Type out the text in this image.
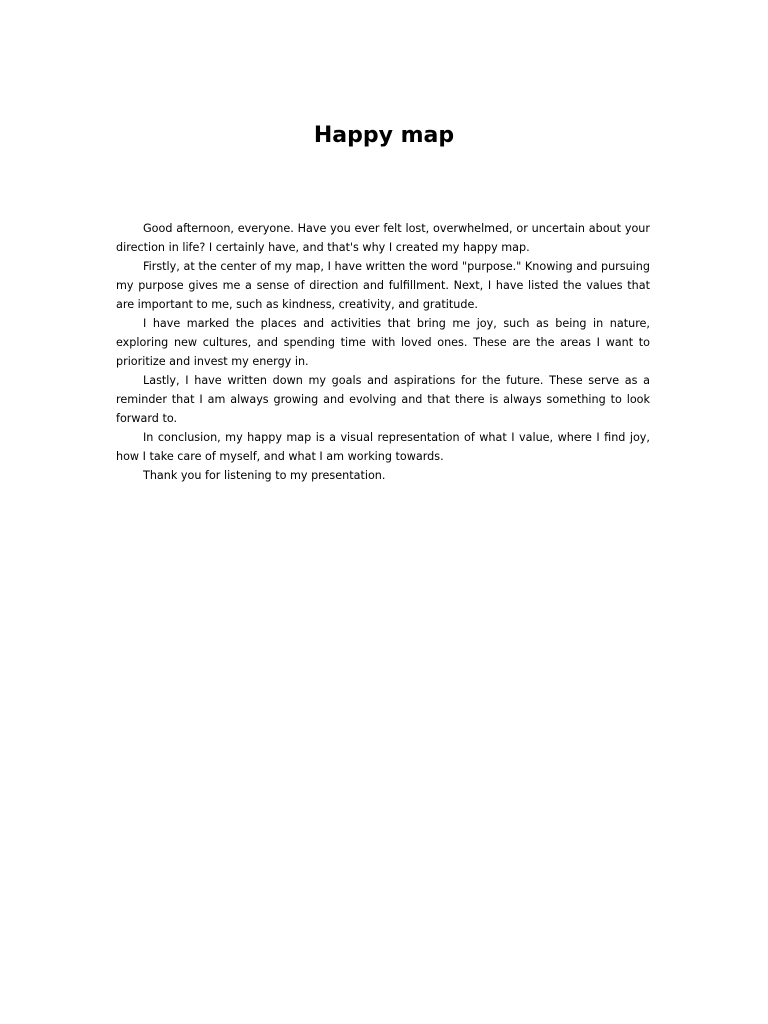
Happy map

Good afternoon, everyone. Have you ever felt lost, overwhelmed, or uncertain about your direction in life? I certainly have, and that's why I created my happy map.

Firstly, at the center of my map, I have written the word "purpose." Knowing and pursuing my purpose gives me a sense of direction and fulfillment. Next, I have listed the values that are important to me, such as kindness, creativity, and gratitude.

I have marked the places and activities that bring me joy, such as being in nature, exploring new cultures, and spending time with loved ones. These are the areas I want to prioritize and invest my energy in.

Lastly, I have written down my goals and aspirations for the future. These serve as a reminder that I am always growing and evolving and that there is always something to look forward to.

In conclusion, my happy map is a visual representation of what I value, where I find joy, how I take care of myself, and what I am working towards.

Thank you for listening to my presentation.
